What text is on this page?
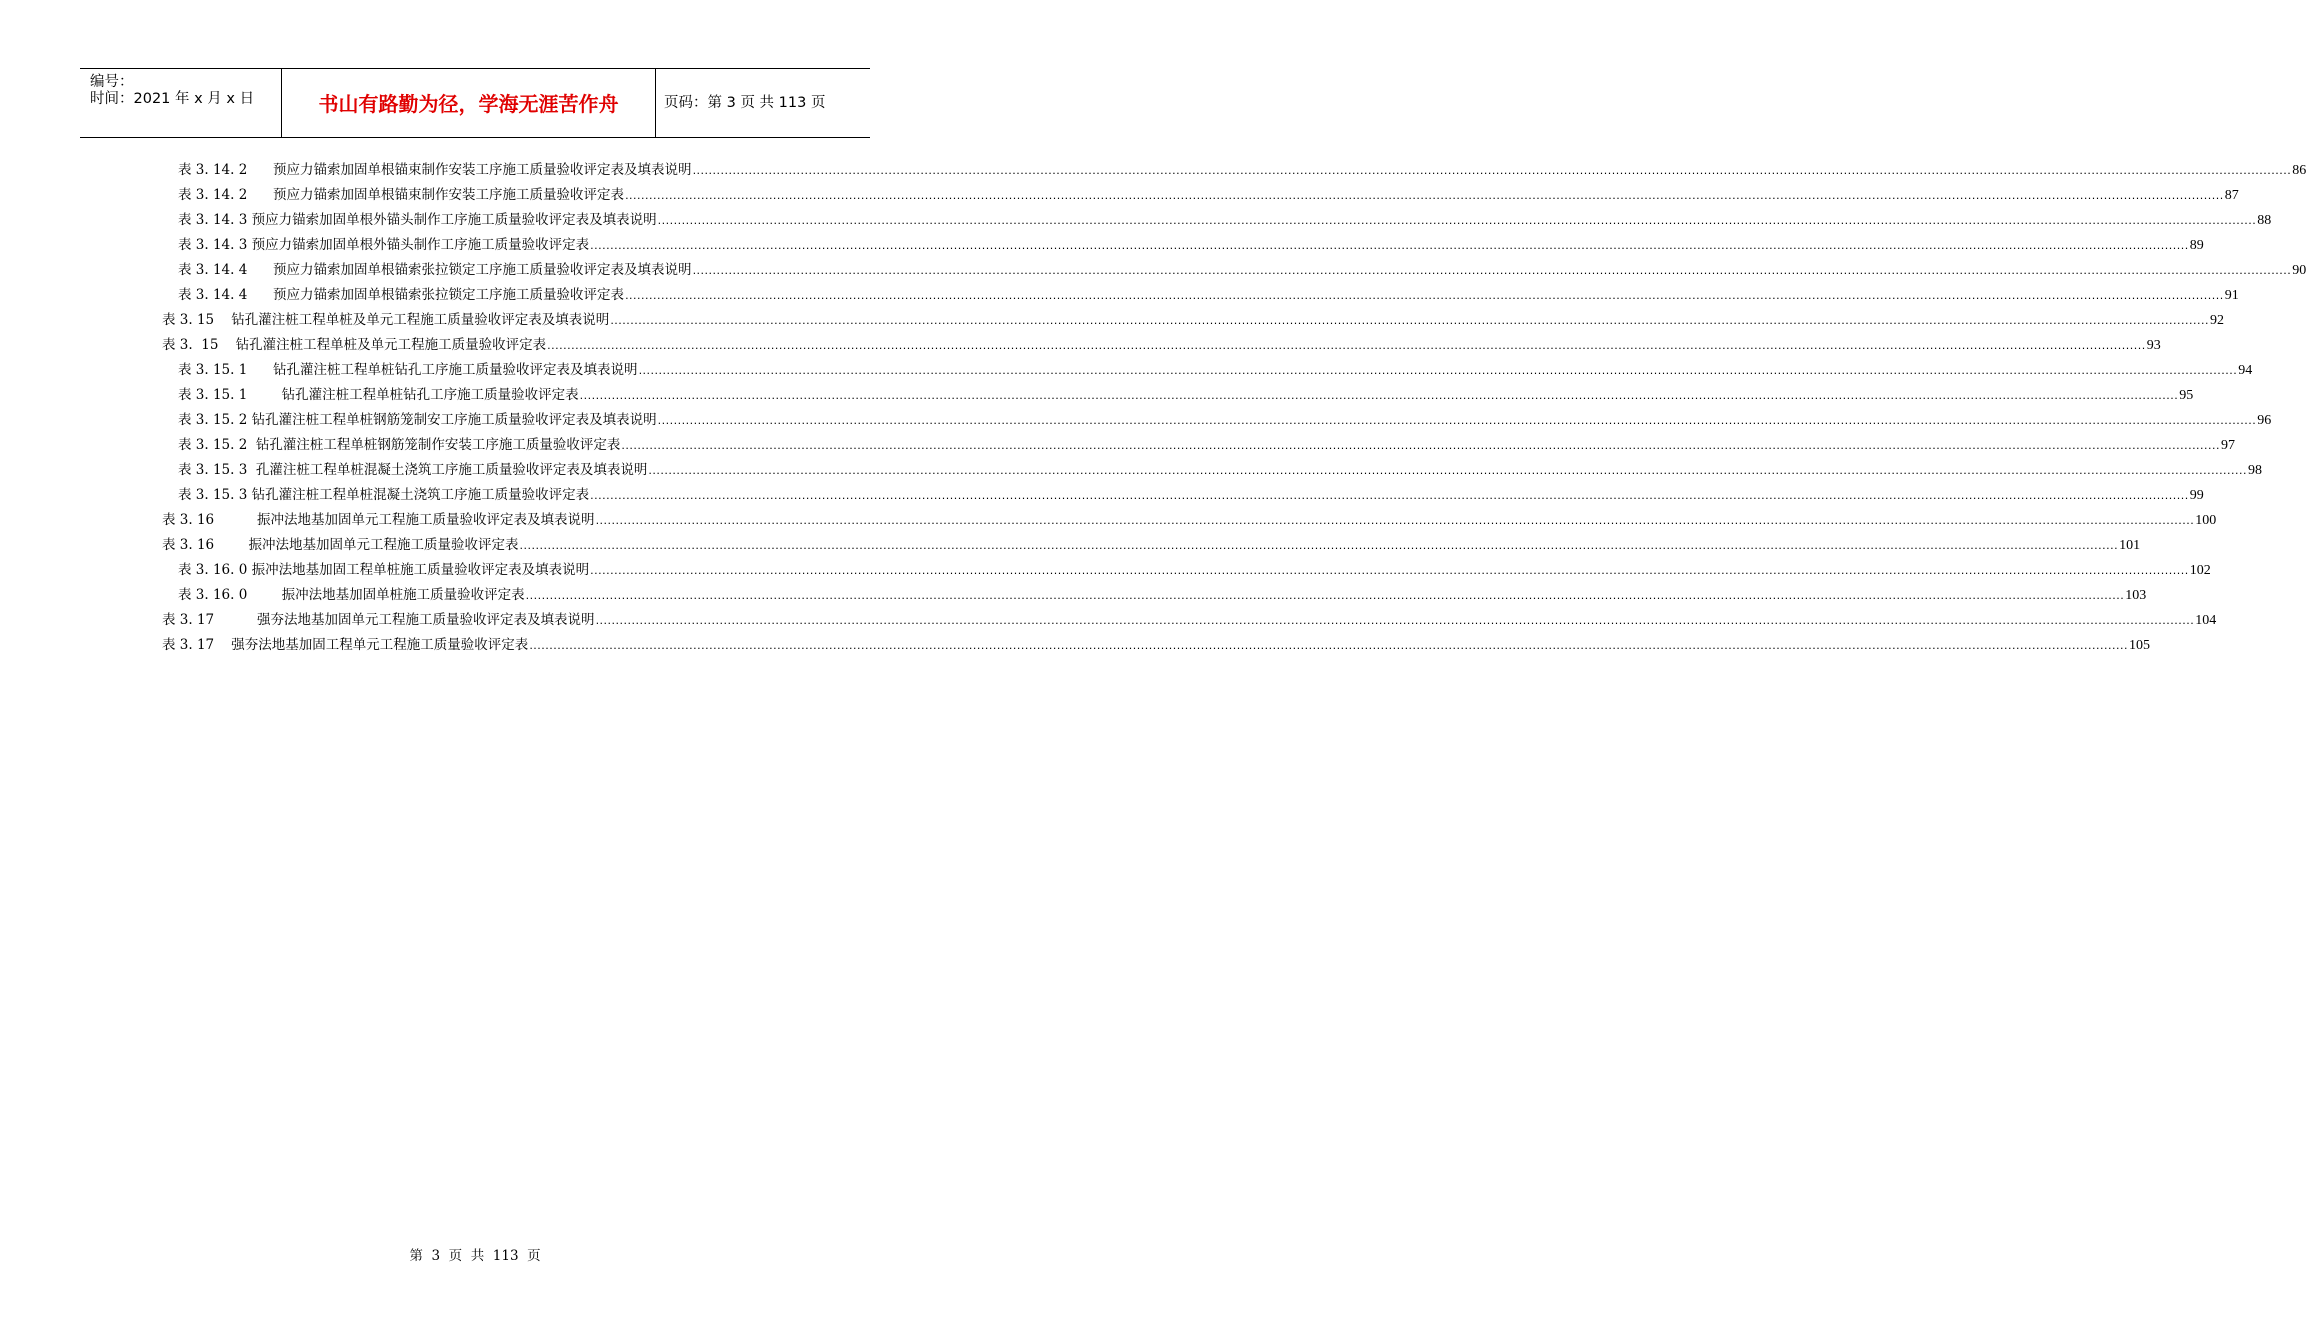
编号：
时间：2021 年 x 月 x 日	书山有路勤为径，学海无涯苦作舟	页码：第 3 页 共 113 页
表 3. 14. 2      预应力锚索加固单根锚束制作安装工序施工质量验收评定表及填表说明 ................................................................................................................................................................................................................................................................................................................................................................................................................ 86
表 3. 14. 2      预应力锚索加固单根锚束制作安装工序施工质量验收评定表 ................................................................................................................................................................................................................................................................................................................................................................................................................ 87
表 3. 14. 3 预应力锚索加固单根外锚头制作工序施工质量验收评定表及填表说明 ................................................................................................................................................................................................................................................................................................................................................................................................................ 88
表 3. 14. 3 预应力锚索加固单根外锚头制作工序施工质量验收评定表 ................................................................................................................................................................................................................................................................................................................................................................................................................ 89
表 3. 14. 4      预应力锚索加固单根锚索张拉锁定工序施工质量验收评定表及填表说明 ................................................................................................................................................................................................................................................................................................................................................................................................................ 90
表 3. 14. 4      预应力锚索加固单根锚索张拉锁定工序施工质量验收评定表 ................................................................................................................................................................................................................................................................................................................................................................................................................ 91
表 3. 15    钻孔灌注桩工程单桩及单元工程施工质量验收评定表及填表说明 ................................................................................................................................................................................................................................................................................................................................................................................................................ 92
表 3.  15    钻孔灌注桩工程单桩及单元工程施工质量验收评定表 ................................................................................................................................................................................................................................................................................................................................................................................................................ 93
表 3. 15. 1      钻孔灌注桩工程单桩钻孔工序施工质量验收评定表及填表说明 ................................................................................................................................................................................................................................................................................................................................................................................................................ 94
表 3. 15. 1        钻孔灌注桩工程单桩钻孔工序施工质量验收评定表 ................................................................................................................................................................................................................................................................................................................................................................................................................ 95
表 3. 15. 2 钻孔灌注桩工程单桩钢筋笼制安工序施工质量验收评定表及填表说明 ................................................................................................................................................................................................................................................................................................................................................................................................................ 96
表 3. 15. 2  钻孔灌注桩工程单桩钢筋笼制作安装工序施工质量验收评定表 ................................................................................................................................................................................................................................................................................................................................................................................................................ 97
表 3. 15. 3  孔灌注桩工程单桩混凝土浇筑工序施工质量验收评定表及填表说明 ................................................................................................................................................................................................................................................................................................................................................................................................................ 98
表 3. 15. 3 钻孔灌注桩工程单桩混凝土浇筑工序施工质量验收评定表 ................................................................................................................................................................................................................................................................................................................................................................................................................ 99
表 3. 16          振冲法地基加固单元工程施工质量验收评定表及填表说明 ................................................................................................................................................................................................................................................................................................................................................................................................................ 100
表 3. 16        振冲法地基加固单元工程施工质量验收评定表 ................................................................................................................................................................................................................................................................................................................................................................................................................ 101
表 3. 16. 0 振冲法地基加固工程单桩施工质量验收评定表及填表说明 ................................................................................................................................................................................................................................................................................................................................................................................................................ 102
表 3. 16. 0        振冲法地基加固单桩施工质量验收评定表 ................................................................................................................................................................................................................................................................................................................................................................................................................ 103
表 3. 17          强夯法地基加固单元工程施工质量验收评定表及填表说明 ................................................................................................................................................................................................................................................................................................................................................................................................................ 104
表 3. 17    强夯法地基加固工程单元工程施工质量验收评定表 ................................................................................................................................................................................................................................................................................................................................................................................................................ 105
第  3  页  共  113  页
